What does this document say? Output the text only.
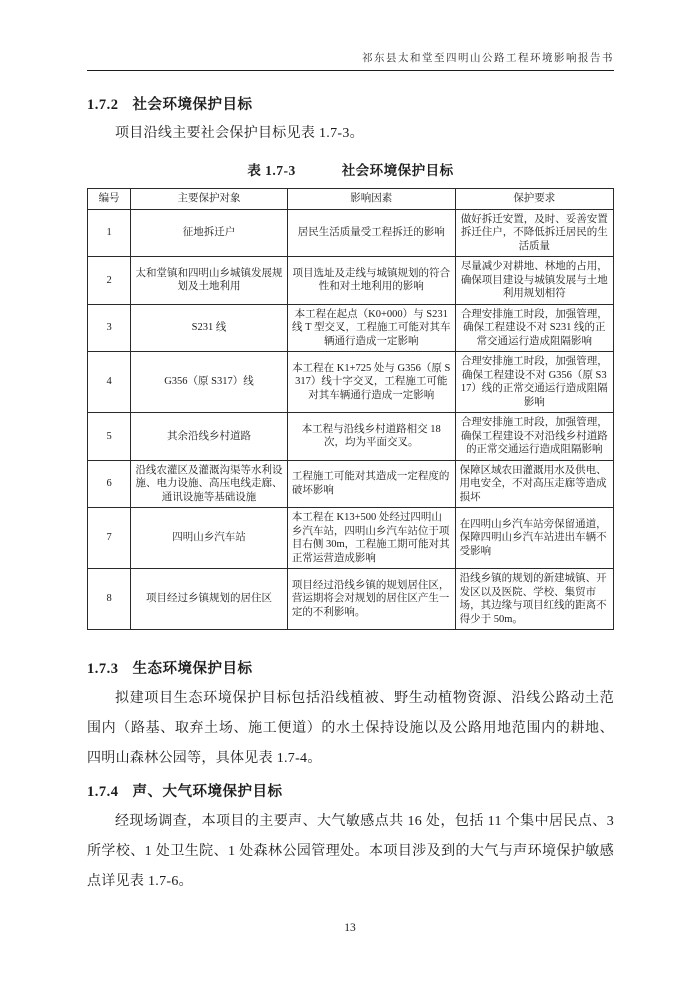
祁东县太和堂至四明山公路工程环境影响报告书
1.7.2 社会环境保护目标

项目沿线主要社会保护目标见表 1.7-3。

表 1.7-3	社会环境保护目标
编号	主要保护对象	影响因素	保护要求
1	征地拆迁户	居民生活质量受工程拆迁的影响	做好拆迁安置，及时、妥善安置拆迁住户，不降低拆迁居民的生活质量
2	太和堂镇和四明山乡城镇发展规划及土地利用	项目选址及走线与城镇规划的符合性和对土地利用的影响	尽量减少对耕地、林地的占用，确保项目建设与城镇发展与土地利用规划相符
3	S231 线	本工程在起点（K0+000）与 S231 线 T 型交叉，工程施工可能对其车辆通行造成一定影响	合理安排施工时段，加强管理，确保工程建设不对 S231 线的正常交通运行造成阻隔影响
4	G356（原 S317）线	本工程在 K1+725 处与 G356（原 S317）线十字交叉，工程施工可能对其车辆通行造成一定影响	合理安排施工时段，加强管理，确保工程建设不对 G356（原 S317）线的正常交通运行造成阻隔影响
5	其余沿线乡村道路	本工程与沿线乡村道路相交 18 次，均为平面交叉。	合理安排施工时段，加强管理，确保工程建设不对沿线乡村道路的正常交通运行造成阻隔影响
6	沿线农灌区及灌溉沟渠等水利设施、电力设施、高压电线走廊、通讯设施等基础设施	工程施工可能对其造成一定程度的破坏影响	保障区域农田灌溉用水及供电、用电安全，不对高压走廊等造成损坏
7	四明山乡汽车站	本工程在 K13+500 处经过四明山乡汽车站，四明山乡汽车站位于项目右侧 30m，工程施工期可能对其正常运营造成影响	在四明山乡汽车站旁保留通道，保障四明山乡汽车站进出车辆不受影响
8	项目经过乡镇规划的居住区	项目经过沿线乡镇的规划居住区，营运期将会对规划的居住区产生一定的不利影响。	沿线乡镇的规划的新建城镇、开发区以及医院、学校、集贸市场，其边缘与项目红线的距离不得少于 50m。
1.7.3 生态环境保护目标

拟建项目生态环境保护目标包括沿线植被、野生动植物资源、沿线公路动土范围内（路基、取弃土场、施工便道）的水土保持设施以及公路用地范围内的耕地、四明山森林公园等，具体见表 1.7-4。

1.7.4 声、大气环境保护目标

经现场调查，本项目的主要声、大气敏感点共 16 处，包括 11 个集中居民点、3 所学校、1 处卫生院、1 处森林公园管理处。本项目涉及到的大气与声环境保护敏感点详见表 1.7-6。

13
